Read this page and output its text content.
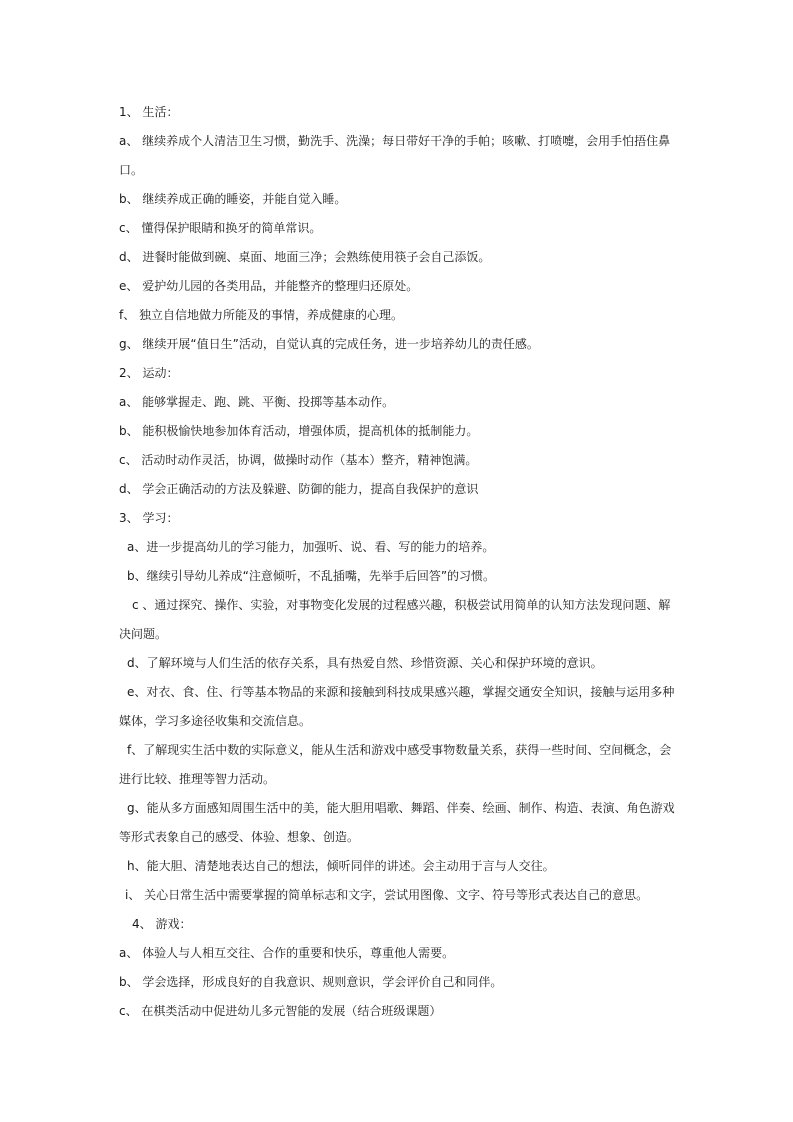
1、 生活：
a、 继续养成个人清洁卫生习惯，勤洗手、洗澡；每日带好干净的手帕；咳嗽、打喷嚏，会用手怕捂住鼻口。
b、 继续养成正确的睡姿，并能自觉入睡。
c、 懂得保护眼睛和换牙的简单常识。
d、 进餐时能做到碗、桌面、地面三净；会熟练使用筷子会自己添饭。
e、 爱护幼儿园的各类用品，并能整齐的整理归还原处。
f、 独立自信地做力所能及的事情，养成健康的心理。
g、 继续开展“值日生”活动，自觉认真的完成任务，进一步培养幼儿的责任感。
2、 运动：
a、 能够掌握走、跑、跳、平衡、投掷等基本动作。
b、 能积极愉快地参加体育活动，增强体质，提高机体的抵制能力。
c、 活动时动作灵活，协调，做操时动作（基本）整齐，精神饱满。
d、 学会正确活动的方法及躲避、防御的能力，提高自我保护的意识
3、 学习：
a、进一步提高幼儿的学习能力，加强听、说、看、写的能力的培养。
b、继续引导幼儿养成“注意倾听，不乱插嘴，先举手后回答”的习惯。
c 、通过探究、操作、实验，对事物变化发展的过程感兴趣，积极尝试用简单的认知方法发现问题、解决问题。
d、了解环境与人们生活的依存关系，具有热爱自然、珍惜资源、关心和保护环境的意识。
e、对衣、食、住、行等基本物品的来源和接触到科技成果感兴趣，掌握交通安全知识，接触与运用多种媒体，学习多途径收集和交流信息。
f、了解现实生活中数的实际意义，能从生活和游戏中感受事物数量关系，获得一些时间、空间概念，会进行比较、推理等智力活动。
g、能从多方面感知周围生活中的美，能大胆用唱歌、舞蹈、伴奏、绘画、制作、构造、表演、角色游戏等形式表象自己的感受、体验、想象、创造。
h、能大胆、清楚地表达自己的想法，倾听同伴的讲述。会主动用于言与人交往。
i、 关心日常生活中需要掌握的简单标志和文字，尝试用图像、文字、符号等形式表达自己的意思。
4、 游戏：
a、 体验人与人相互交往、合作的重要和快乐，尊重他人需要。
b、 学会选择，形成良好的自我意识、规则意识，学会评价自己和同伴。
c、 在棋类活动中促进幼儿多元智能的发展（结合班级课题）
